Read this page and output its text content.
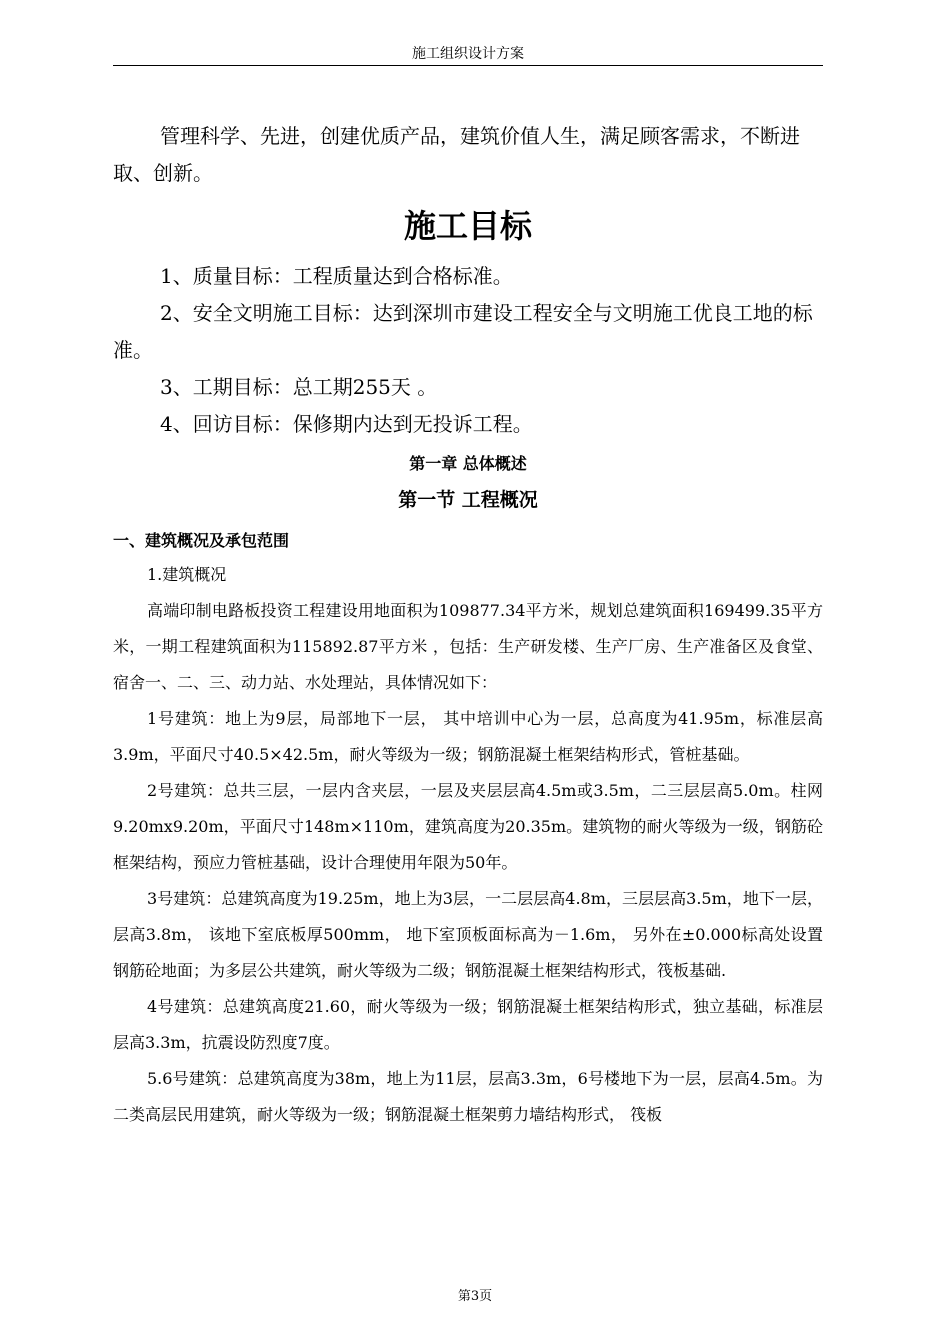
施工组织设计方案

管理科学、先进，创建优质产品，建筑价值人生，满足顾客需求，不断进取、创新。

施工目标

1、质量目标：工程质量达到合格标准。

2、安全文明施工目标：达到深圳市建设工程安全与文明施工优良工地的标准。

3、工期目标：总工期255天 。

4、回访目标：保修期内达到无投诉工程。

第一章 总体概述
第一节 工程概况

一、建筑概况及承包范围

1.建筑概况

高端印制电路板投资工程建设用地面积为109877.34平方米，规划总建筑面积169499.35平方米，一期工程建筑面积为115892.87平方米 ，包括：生产研发楼、生产厂房、生产准备区及食堂、宿舍一、二、三、动力站、水处理站，具体情况如下：

1号建筑：地上为9层，局部地下一层， 其中培训中心为一层，总高度为41.95m，标准层高3.9m，平面尺寸40.5×42.5m，耐火等级为一级；钢筋混凝土框架结构形式，管桩基础。

2号建筑：总共三层，一层内含夹层，一层及夹层层高4.5m或3.5m，二三层层高5.0m。柱网9.20mx9.20m，平面尺寸148m×110m，建筑高度为20.35m。建筑物的耐火等级为一级，钢筋砼框架结构，预应力管桩基础，设计合理使用年限为50年。

3号建筑：总建筑高度为19.25m，地上为3层，一二层层高4.8m，三层层高3.5m，地下一层，层高3.8m， 该地下室底板厚500mm， 地下室顶板面标高为－1.6m， 另外在±0.000标高处设置钢筋砼地面；为多层公共建筑，耐火等级为二级；钢筋混凝土框架结构形式，筏板基础.

4号建筑：总建筑高度21.60，耐火等级为一级；钢筋混凝土框架结构形式，独立基础，标准层层高3.3m，抗震设防烈度7度。

5.6号建筑：总建筑高度为38m，地上为11层，层高3.3m，6号楼地下为一层，层高4.5m。为二类高层民用建筑，耐火等级为一级；钢筋混凝土框架剪力墙结构形式， 筏板

第3页
